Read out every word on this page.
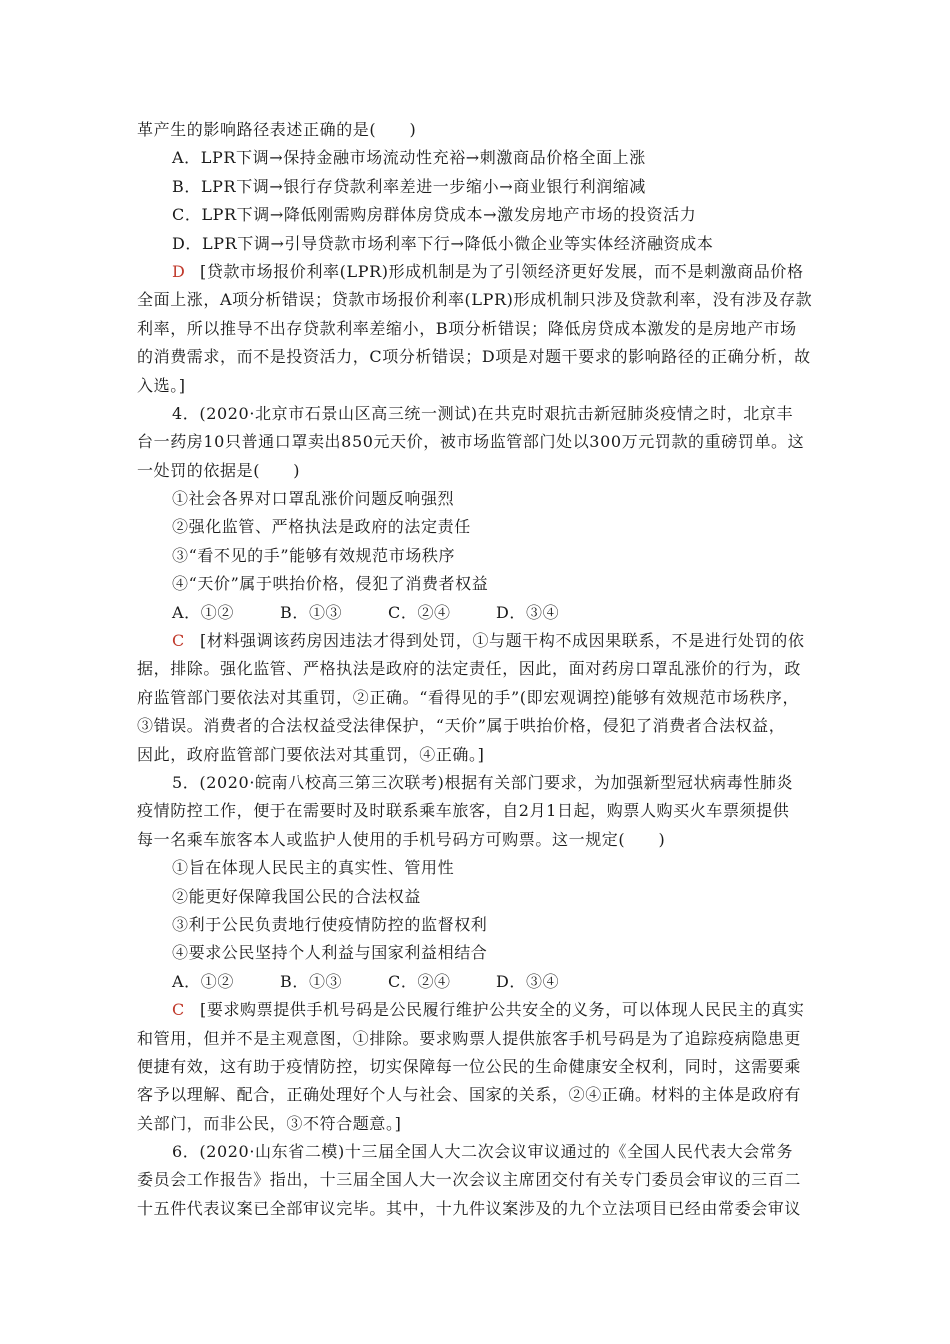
革产生的影响路径表述正确的是(　　)
A．LPR下调→保持金融市场流动性充裕→刺激商品价格全面上涨
B．LPR下调→银行存贷款利率差进一步缩小→商业银行利润缩减
C．LPR下调→降低刚需购房群体房贷成本→激发房地产市场的投资活力
D．LPR下调→引导贷款市场利率下行→降低小微企业等实体经济融资成本
D [贷款市场报价利率(LPR)形成机制是为了引领经济更好发展，而不是刺激商品价格
全面上涨，A项分析错误；贷款市场报价利率(LPR)形成机制只涉及贷款利率，没有涉及存款
利率，所以推导不出存贷款利率差缩小，B项分析错误；降低房贷成本激发的是房地产市场
的消费需求，而不是投资活力，C项分析错误；D项是对题干要求的影响路径的正确分析，故
入选。]
4．(2020·北京市石景山区高三统一测试)在共克时艰抗击新冠肺炎疫情之时，北京丰
台一药房10只普通口罩卖出850元天价，被市场监管部门处以300万元罚款的重磅罚单。这
一处罚的依据是(　　)
①社会各界对口罩乱涨价问题反响强烈
②强化监管、严格执法是政府的法定责任
③“看不见的手”能够有效规范市场秩序
④“天价”属于哄抬价格，侵犯了消费者权益
A．①②	B．①③	C．②④	D．③④
C [材料强调该药房因违法才得到处罚，①与题干构不成因果联系，不是进行处罚的依
据，排除。强化监管、严格执法是政府的法定责任，因此，面对药房口罩乱涨价的行为，政
府监管部门要依法对其重罚，②正确。“看得见的手”(即宏观调控)能够有效规范市场秩序，
③错误。消费者的合法权益受法律保护，“天价”属于哄抬价格，侵犯了消费者合法权益，
因此，政府监管部门要依法对其重罚，④正确。]
5．(2020·皖南八校高三第三次联考)根据有关部门要求，为加强新型冠状病毒性肺炎
疫情防控工作，便于在需要时及时联系乘车旅客，自2月1日起，购票人购买火车票须提供
每一名乘车旅客本人或监护人使用的手机号码方可购票。这一规定(　　)
①旨在体现人民民主的真实性、管用性
②能更好保障我国公民的合法权益
③利于公民负责地行使疫情防控的监督权利
④要求公民坚持个人利益与国家利益相结合
A．①②	B．①③	C．②④	D．③④
C [要求购票提供手机号码是公民履行维护公共安全的义务，可以体现人民民主的真实
和管用，但并不是主观意图，①排除。要求购票人提供旅客手机号码是为了追踪疫病隐患更
便捷有效，这有助于疫情防控，切实保障每一位公民的生命健康安全权利，同时，这需要乘
客予以理解、配合，正确处理好个人与社会、国家的关系，②④正确。材料的主体是政府有
关部门，而非公民，③不符合题意。]
6．(2020·山东省二模)十三届全国人大二次会议审议通过的《全国人民代表大会常务
委员会工作报告》指出，十三届全国人大一次会议主席团交付有关专门委员会审议的三百二
十五件代表议案已全部审议完毕。其中，十九件议案涉及的九个立法项目已经由常委会审议
